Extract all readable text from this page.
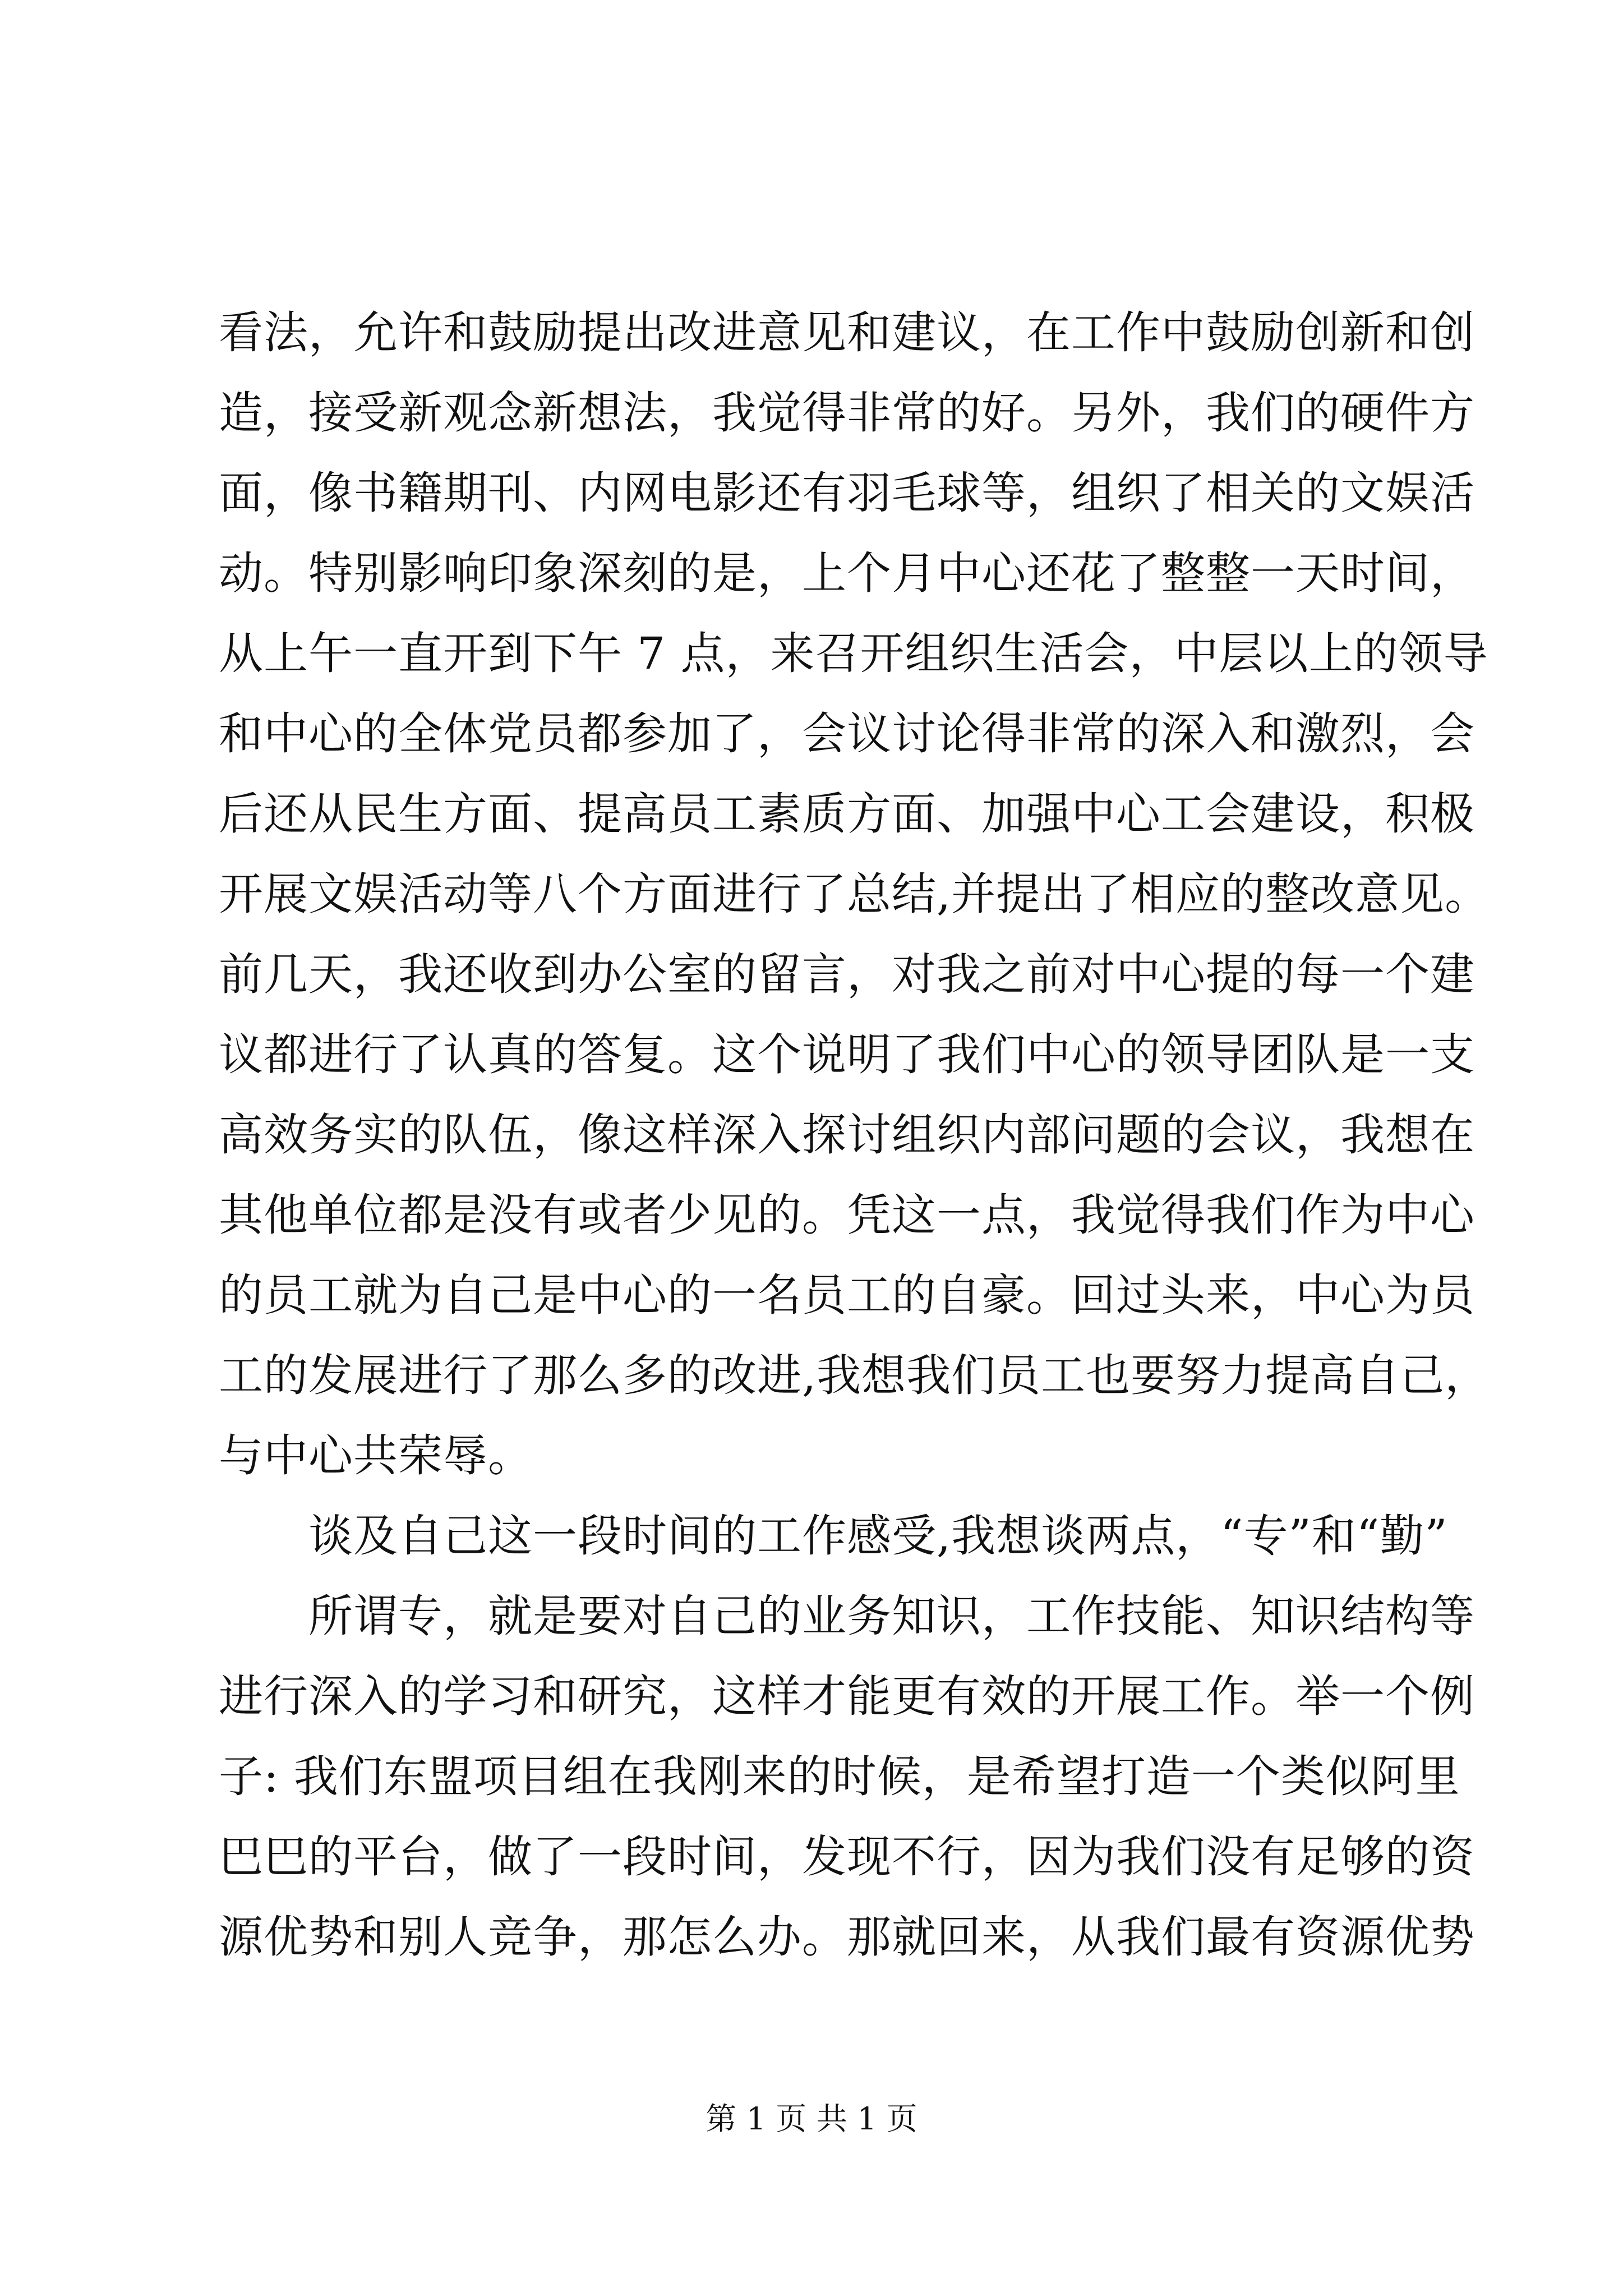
看法，允许和鼓励提出改进意见和建议，在工作中鼓励创新和创
造，接受新观念新想法，我觉得非常的好。另外，我们的硬件方
面，像书籍期刊、内网电影还有羽毛球等，组织了相关的文娱活
动。特别影响印象深刻的是，上个月中心还花了整整一天时间，
从上午一直开到下午 7 点，来召开组织生活会，中层以上的领导
和中心的全体党员都参加了，会议讨论得非常的深入和激烈，会
后还从民生方面、提高员工素质方面、加强中心工会建设，积极
开展文娱活动等八个方面进行了总结,并提出了相应的整改意见。
前几天，我还收到办公室的留言，对我之前对中心提的每一个建
议都进行了认真的答复。这个说明了我们中心的领导团队是一支
高效务实的队伍，像这样深入探讨组织内部问题的会议，我想在
其他单位都是没有或者少见的。凭这一点，我觉得我们作为中心
的员工就为自己是中心的一名员工的自豪。回过头来，中心为员
工的发展进行了那么多的改进,我想我们员工也要努力提高自己，
与中心共荣辱。
谈及自己这一段时间的工作感受,我想谈两点，“专”和“勤”
所谓专，就是要对自己的业务知识，工作技能、知识结构等
进行深入的学习和研究，这样才能更有效的开展工作。举一个例
子: 我们东盟项目组在我刚来的时候，是希望打造一个类似阿里
巴巴的平台，做了一段时间，发现不行，因为我们没有足够的资
源优势和别人竞争，那怎么办。那就回来，从我们最有资源优势
第 1 页 共 1 页
